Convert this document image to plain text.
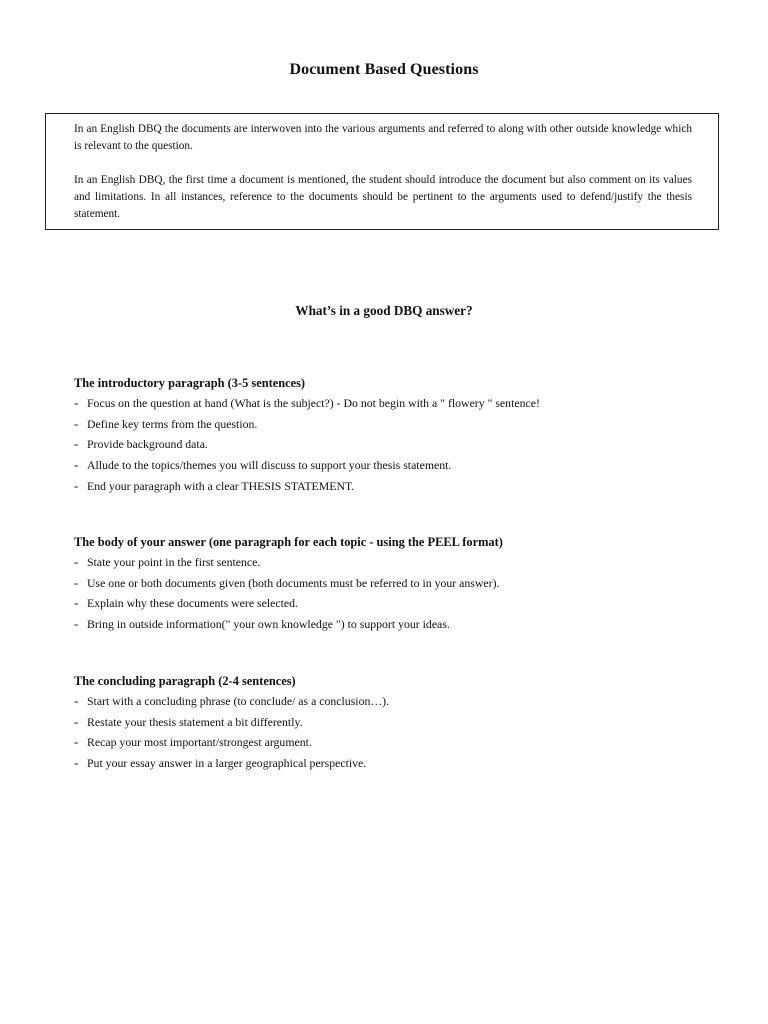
Document Based Questions

In an English DBQ the documents are interwoven into the various arguments and referred to along with other outside knowledge which is relevant to the question.

In an English DBQ, the first time a document is mentioned, the student should introduce the document but also comment on its values and limitations. In all instances, reference to the documents should be pertinent to the arguments used to defend/justify the thesis statement.

What’s in a good DBQ answer?
The introductory paragraph (3-5 sentences)
- Focus on the question at hand (What is the subject?) - Do not begin with a " flowery " sentence!
- Define key terms from the question.
- Provide background data.
- Allude to the topics/themes you will discuss to support your thesis statement.
- End your paragraph with a clear THESIS STATEMENT.
The body of your answer (one paragraph for each topic - using the PEEL format)
- State your point in the first sentence.
- Use one or both documents given (both documents must be referred to in your answer).
- Explain why these documents were selected.
- Bring in outside information(" your own knowledge ") to support your ideas.
The concluding paragraph (2-4 sentences)
- Start with a concluding phrase (to conclude/ as a conclusion…).
- Restate your thesis statement a bit differently.
- Recap your most important/strongest argument.
- Put your essay answer in a larger geographical perspective.
